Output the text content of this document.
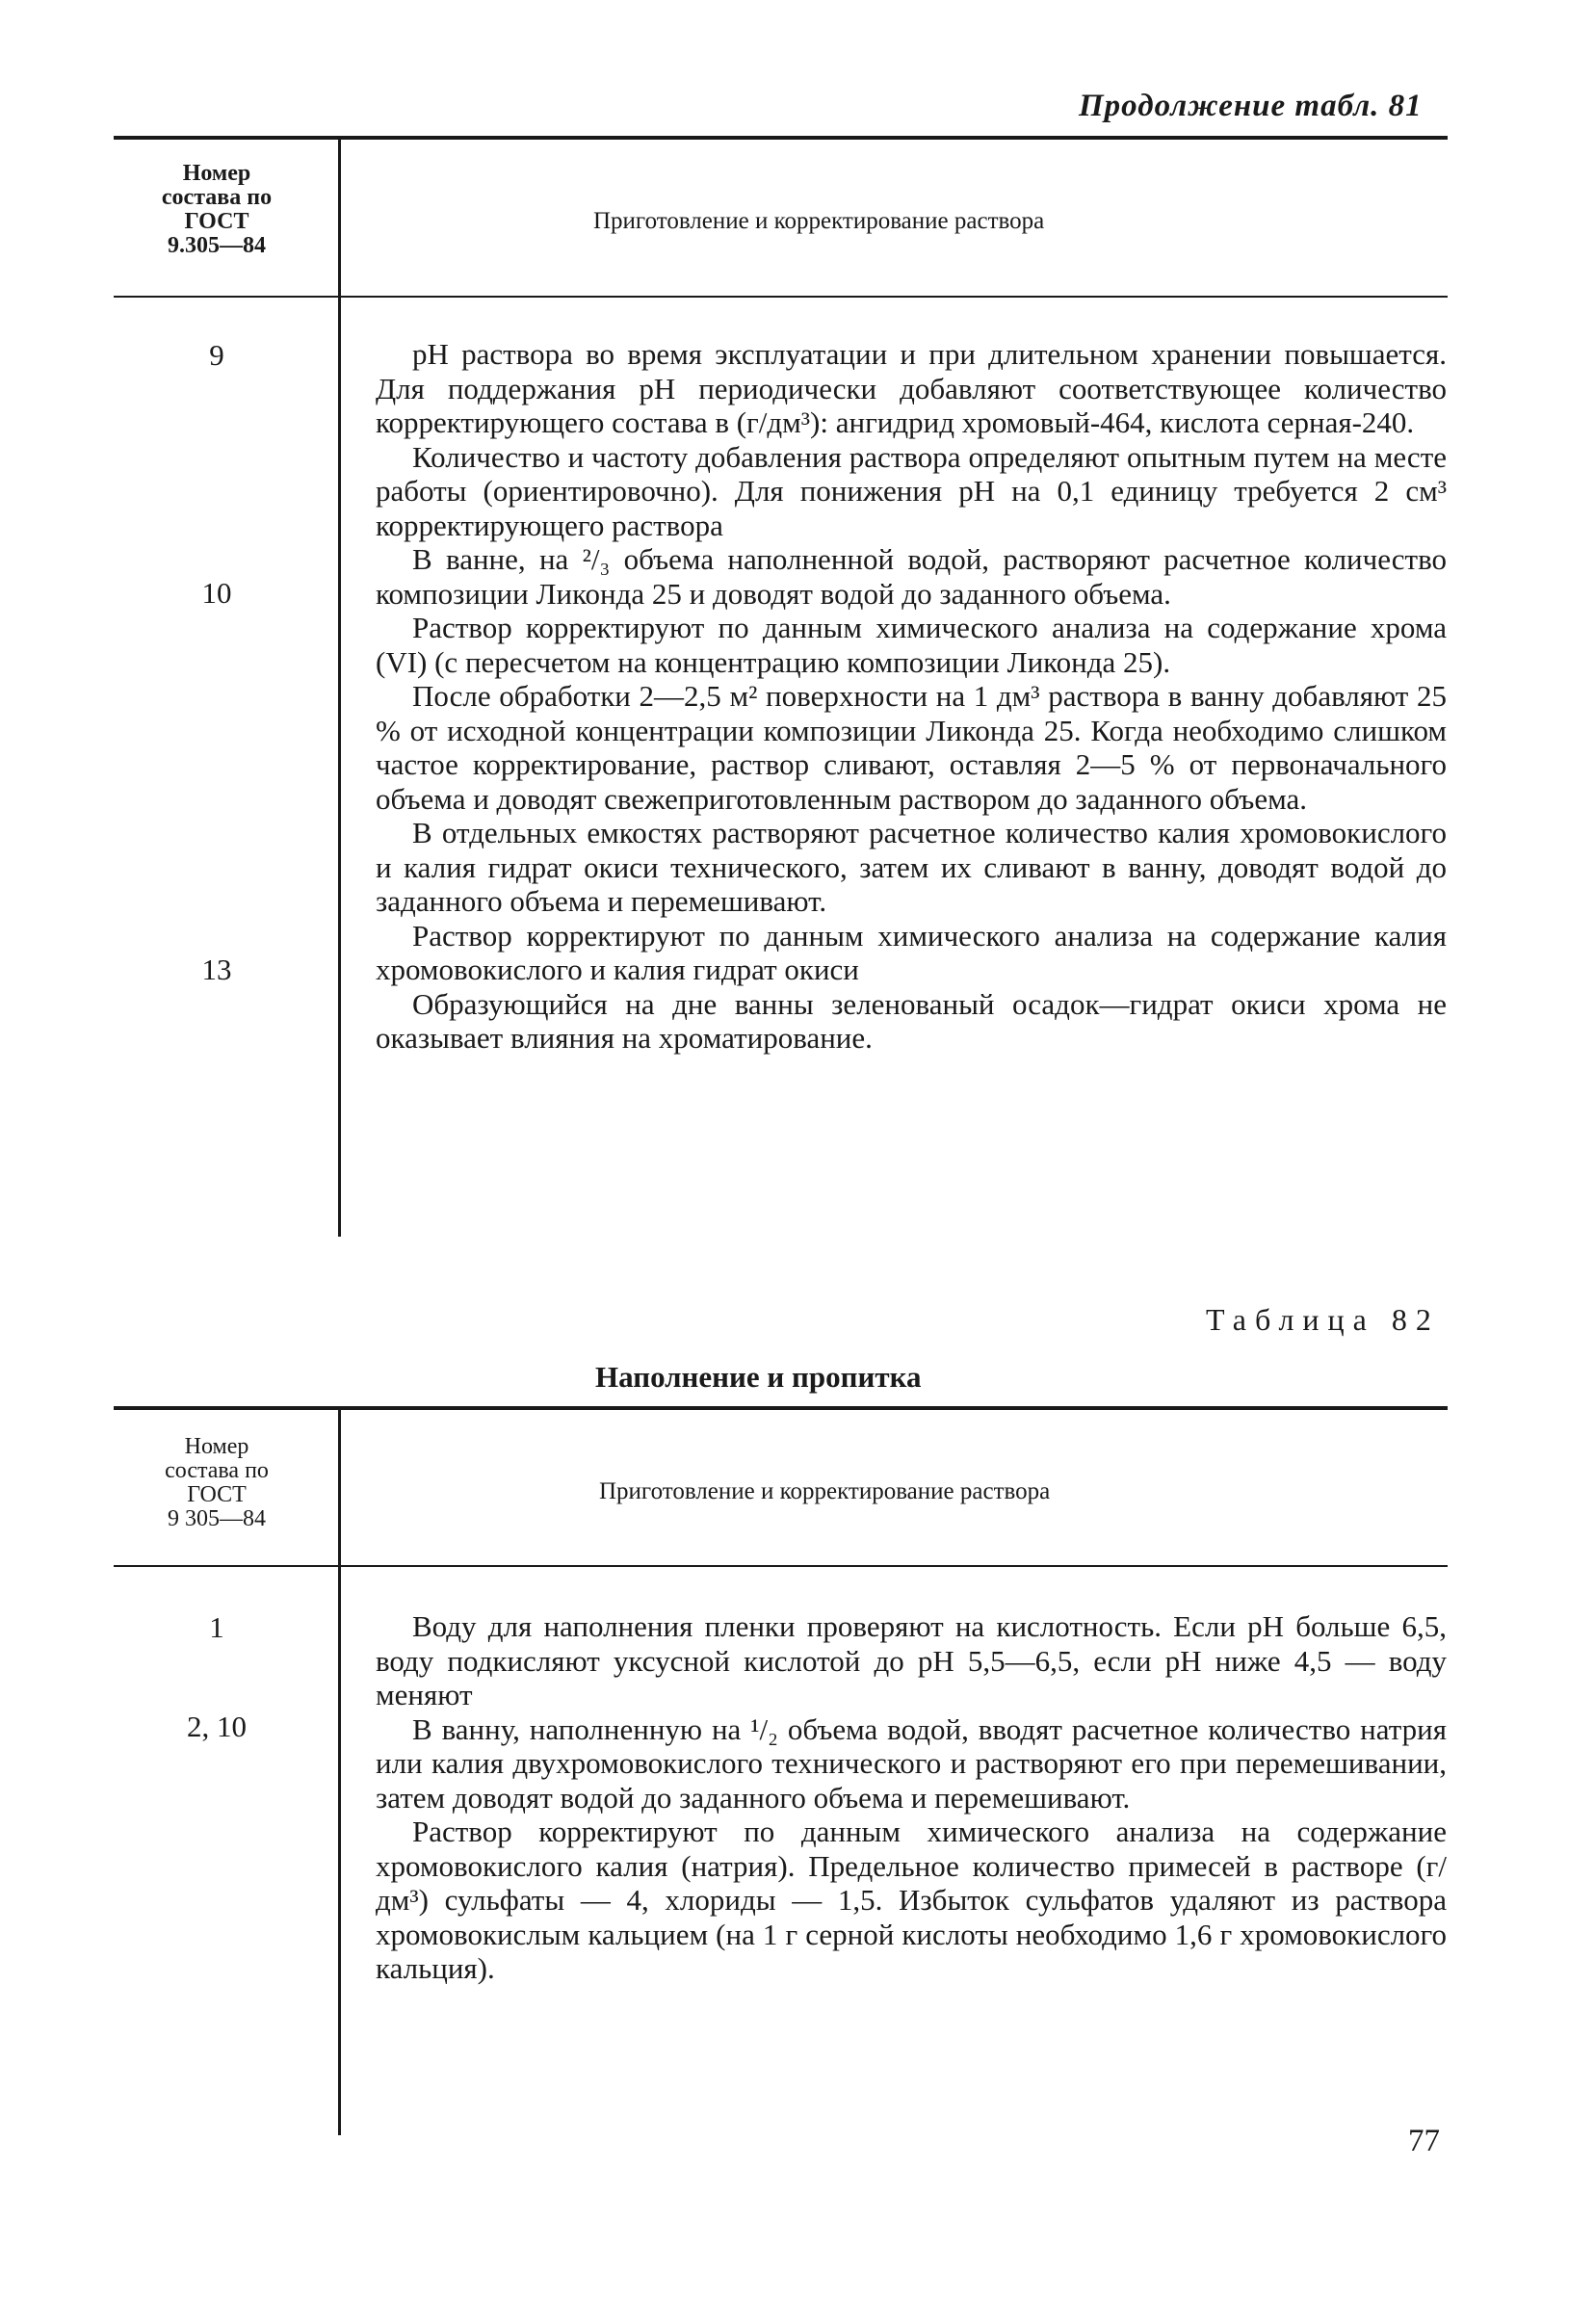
Продолжение табл. 81
Номер
состава по
ГОСТ
9.305—84
Приготовление и корректирование раствора
9
10
13

рН раствора во время эксплуатации и при длительном хранении повышается. Для поддержания рН периодически добавляют соответствующее количество корректирующего состава в (г/дм³): ангидрид хромовый-464, кислота серная-240.

Количество и частоту добавления раствора определяют опытным путем на месте работы (ориентировочно). Для понижения рН на 0,1 единицу требуется 2 см³ корректирующего раствора

В ванне, на ²/₃ объема наполненной водой, растворяют расчетное количество композиции Ликонда 25 и доводят водой до заданного объема.

Раствор корректируют по данным химического анализа на содержание хрома (VI) (с пересчетом на концентрацию композиции Ликонда 25).

После обработки 2—2,5 м² поверхности на 1 дм³ раствора в ванну добавляют 25 % от исходной концентрации композиции Ликонда 25. Когда необходимо слишком частое корректирование, раствор сливают, оставляя 2—5 % от первоначального объема и доводят свежеприготовленным раствором до заданного объема.

В отдельных емкостях растворяют расчетное количество калия хромовокислого и калия гидрат окиси технического, затем их сливают в ванну, доводят водой до заданного объема и перемешивают.

Раствор корректируют по данным химического анализа на содержание калия хромовокислого и калия гидрат окиси

Образующийся на дне ванны зеленованый осадок—гидрат окиси хрома не оказывает влияния на хроматирование.

Таблица 82
Наполнение и пропитка
Номер
состава по
ГОСТ
9 305—84
Приготовление и корректирование раствора
1
2, 10

Воду для наполнения пленки проверяют на кислотность. Если рН больше 6,5, воду подкисляют уксусной кислотой до рН 5,5—6,5, если рН ниже 4,5 — воду меняют

В ванну, наполненную на ¹/₂ объема водой, вводят расчетное количество натрия или калия двухромовокислого технического и растворяют его при перемешивании, затем доводят водой до заданного объема и перемешивают.

Раствор корректируют по данным химического анализа на содержание хромовокислого калия (натрия). Предельное количество примесей в растворе (г/дм³) сульфаты — 4, хлориды — 1,5. Избыток сульфатов удаляют из раствора хромовокислым кальцием (на 1 г серной кислоты необходимо 1,6 г хромовокислого кальция).

77
